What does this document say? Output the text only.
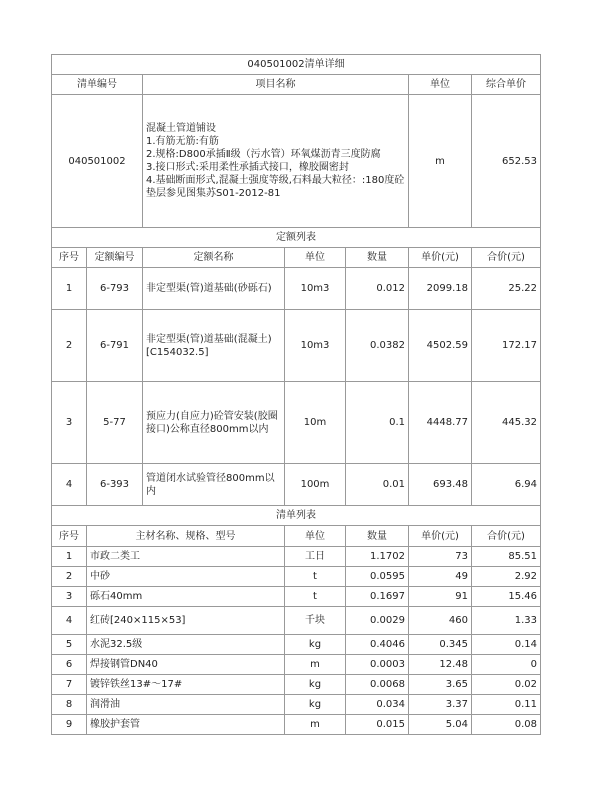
040501002清单详细						
清单编号		项目名称			单位	综合单价
040501002		混凝土管道铺设
1.有筋无筋:有筋
2.规格:D800承插Ⅱ级（污水管）环氧煤沥青三度防腐
3.接口形式:采用柔性承插式接口，橡胶圈密封
4.基础断面形式,混凝土强度等级,石料最大粒径：:180度砼垫层参见图集苏S01-2012-81			m	652.53
定额列表						
序号	定额编号	定额名称	单位	数量	单价(元)	合价(元)
1	6-793	非定型渠(管)道基础(砂砾石)	10m3	0.012	2099.18	25.22
2	6-791	非定型渠(管)道基础(混凝土)[C154032.5]	10m3	0.0382	4502.59	172.17
3	5-77	预应力(自应力)砼管安装(胶圈接口)公称直径800mm以内	10m	0.1	4448.77	445.32
4	6-393	管道闭水试验管径800mm以内	100m	0.01	693.48	6.94
清单列表						
序号	主材名称、规格、型号		单位	数量	单价(元)	合价(元)
1	市政二类工		工日	1.1702	73	85.51
2	中砂		t	0.0595	49	2.92
3	砾石40mm		t	0.1697	91	15.46
4	红砖[240×115×53]		千块	0.0029	460	1.33
5	水泥32.5级		kg	0.4046	0.345	0.14
6	焊接钢管DN40		m	0.0003	12.48	0
7	镀锌铁丝13#～17#		kg	0.0068	3.65	0.02
8	润滑油		kg	0.034	3.37	0.11
9	橡胶护套管		m	0.015	5.04	0.08
